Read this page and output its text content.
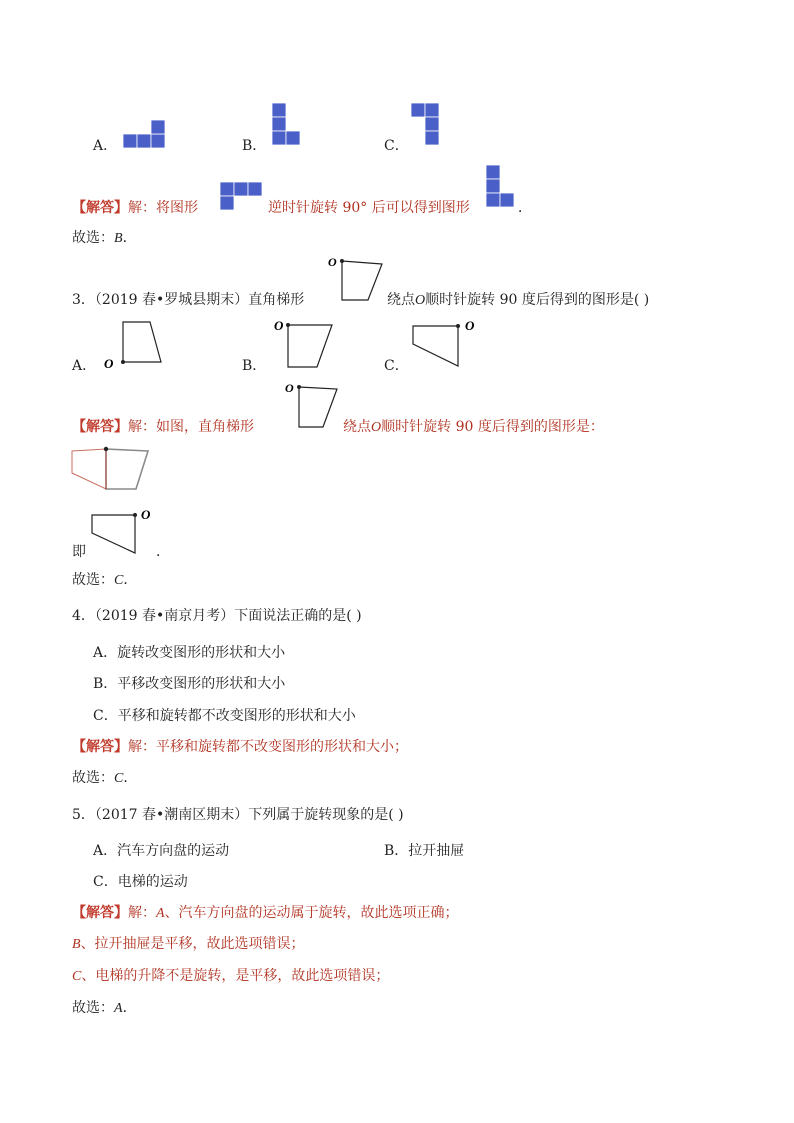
A．	B．	C．
【解答】解：将图形	逆时针旋转 90° 后可以得到图形	．
故选：B．
3．（2019 春•罗城县期末）直角梯形
O
绕点O顺时针旋转 90 度后得到的图形是( )
A． O	B．
O
C．
O
【解答】解：如图，直角梯形
O
绕点O顺时针旋转 90 度后得到的图形是：
即
O
．
故选：C．
4．（2019 春•南京月考）下面说法正确的是( )
A．旋转改变图形的形状和大小
B．平移改变图形的形状和大小
C．平移和旋转都不改变图形的形状和大小
【解答】解：平移和旋转都不改变图形的形状和大小；
故选：C．
5．（2017 春•潮南区期末）下列属于旋转现象的是( )
A．汽车方向盘的运动	B．拉开抽屉
C．电梯的运动
【解答】解：A、汽车方向盘的运动属于旋转，故此选项正确；
B、拉开抽屉是平移，故此选项错误；
C、电梯的升降不是旋转，是平移，故此选项错误；
故选：A．
